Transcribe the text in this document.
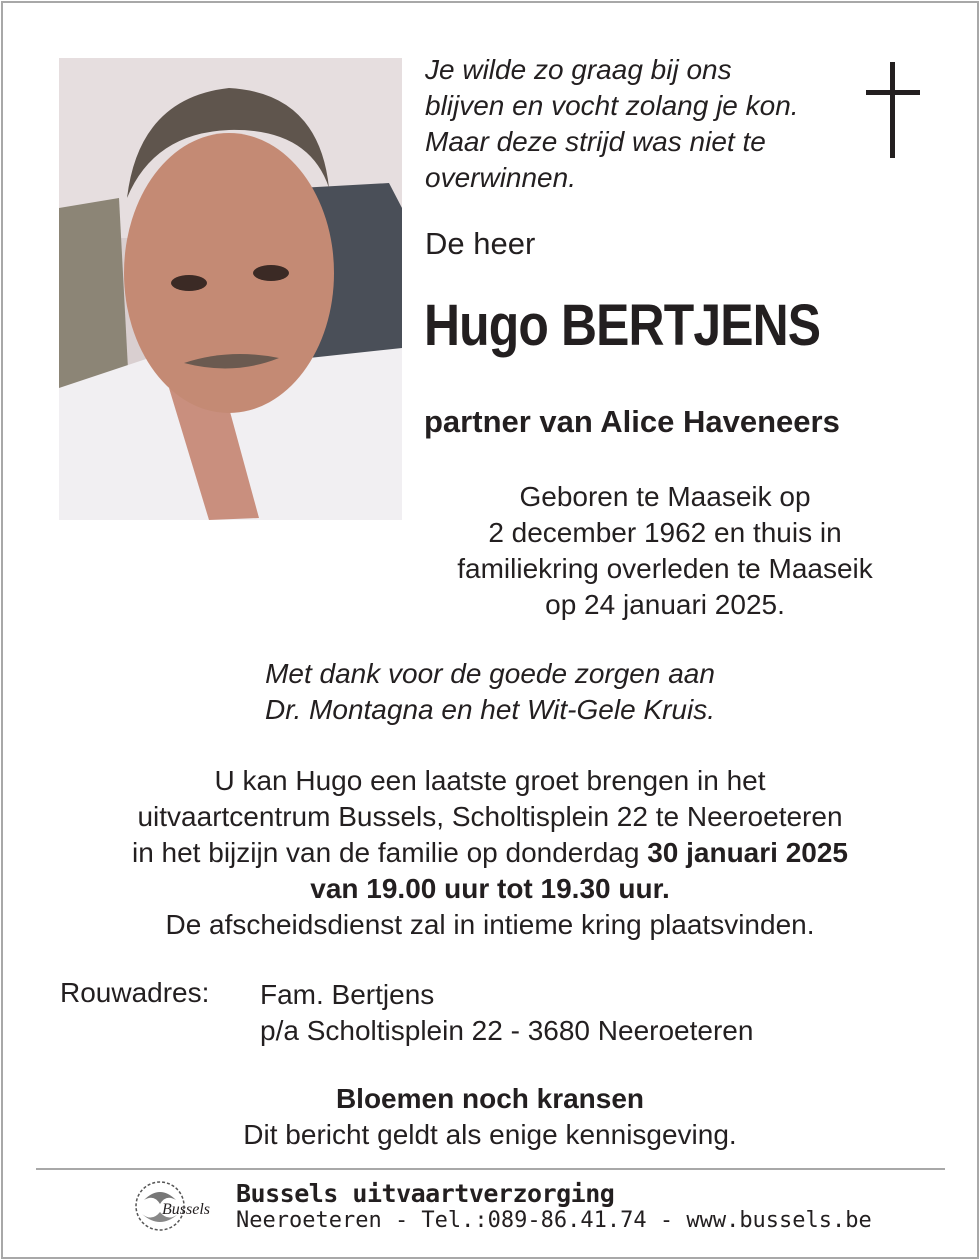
Je wilde zo graag bij ons
blijven en vocht zolang je kon.
Maar deze strijd was niet te
overwinnen.

De heer

Hugo BERTJENS

partner van Alice Haveneers

Geboren te Maaseik op
2 december 1962 en thuis in
familiekring overleden te Maaseik
op 24 januari 2025.

Met dank voor de goede zorgen aan
Dr. Montagna en het Wit-Gele Kruis.

U kan Hugo een laatste groet brengen in het
uitvaartcentrum Bussels, Scholtisplein 22 te Neeroeteren
in het bijzijn van de familie op donderdag 30 januari 2025
van 19.00 uur tot 19.30 uur.
De afscheidsdienst zal in intieme kring plaatsvinden.

Rouwadres: Fam. Bertjens
p/a Scholtisplein 22 - 3680 Neeroeteren

Bloemen noch kransen

Dit bericht geldt als enige kennisgeving.

Bussels

Bussels uitvaartverzorging

Neeroeteren - Tel.:089-86.41.74 - www.bussels.be
